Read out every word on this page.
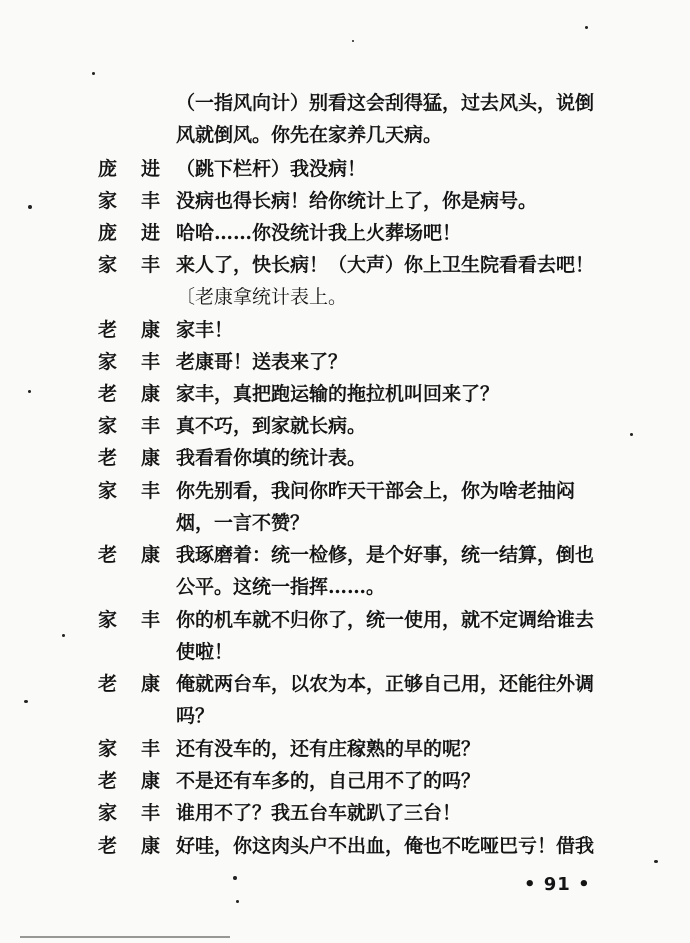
（一指风向计）别看这会刮得猛，过去风头，说倒
风就倒风。你先在家养几天病。
庞 进 （跳下栏杆）我没病！
家 丰 没病也得长病！给你统计上了，你是病号。
庞 进 哈哈……你没统计我上火葬场吧！
家 丰 来人了，快长病！（大声）你上卫生院看看去吧！
〔老康拿统计表上。
老 康 家丰！
家 丰 老康哥！送表来了？
老 康 家丰，真把跑运输的拖拉机叫回来了？
家 丰 真不巧，到家就长病。
老 康 我看看你填的统计表。
家 丰 你先别看，我问你昨天干部会上，你为啥老抽闷
烟，一言不赞？
老 康 我琢磨着：统一检修，是个好事，统一结算，倒也
公平。这统一指挥……。
家 丰 你的机车就不归你了，统一使用，就不定调给谁去
使啦！
老 康 俺就两台车，以农为本，正够自己用，还能往外调
吗？
家 丰 还有没车的，还有庄稼熟的早的呢？
老 康 不是还有车多的，自己用不了的吗？
家 丰 谁用不了？我五台车就趴了三台！
老 康 好哇，你这肉头户不出血，俺也不吃哑巴亏！借我
• 91 •
